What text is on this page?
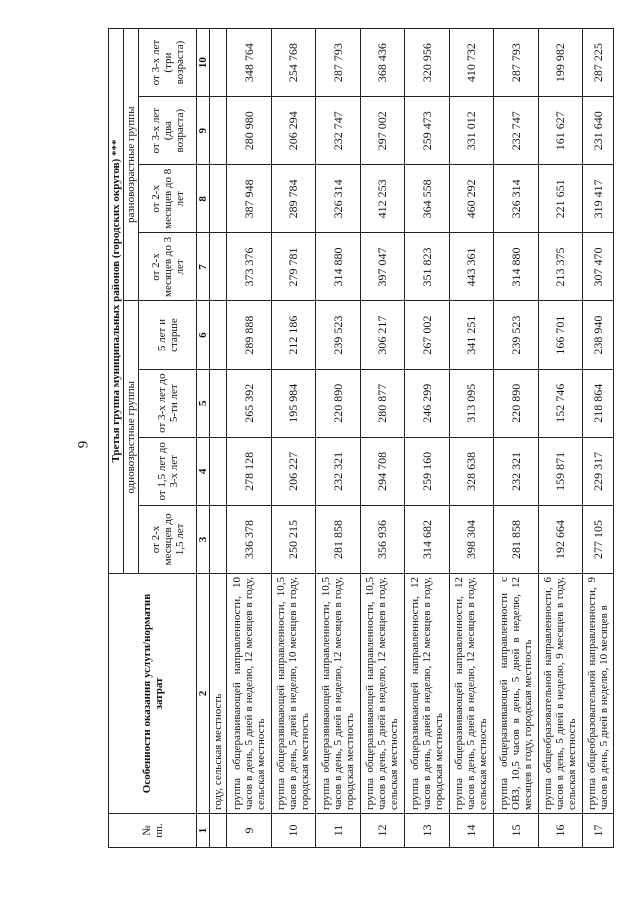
9
№ пп.	Особенности оказания услуги/норматив затрат	Третья группа муниципальных районов (городских округов) ***							
		одновозрастные группы				разновозрастные группы			
		от 2-х месяцев до 1,5 лет	от 1,5 лет до 3-х лет	от 3-х лет до 5-ти лет	5 лет и старше	от 2-х месяцев до 3 лет	от 2-х месяцев до 8 лет	от 3-х лет (два возраста)	от 3-х лет (три возраста)
1	2	3	4	5	6	7	8	9	10
	году, сельская местность								
9	группа общеразвивающей направленности, 10 часов в день, 5 дней в неделю, 12 месяцев в году, сельская местность	336 378	278 128	265 392	289 888	373 376	387 948	280 980	348 764
10	группа общеразвивающей направленности, 10,5 часов в день, 5 дней в неделю, 10 месяцев в году, городская местность	250 215	206 227	195 984	212 186	279 781	289 784	206 294	254 768
11	группа общеразвивающей направленности, 10,5 часов в день, 5 дней в неделю, 12 месяцев в году, городская местность	281 858	232 321	220 890	239 523	314 880	326 314	232 747	287 793
12	группа общеразвивающей направленности, 10,5 часов в день, 5 дней в неделю, 12 месяцев в году, сельская местность	356 936	294 708	280 877	306 217	397 047	412 253	297 002	368 436
13	группа общеразвивающей направленности, 12 часов в день, 5 дней в неделю, 12 месяцев в году, городская местность	314 682	259 160	246 299	267 002	351 823	364 558	259 473	320 956
14	группа общеразвивающей направленности, 12 часов в день, 5 дней в неделю, 12 месяцев в году, сельская местность	398 304	328 638	313 095	341 251	443 361	460 292	331 012	410 732
15	группа общеразвивающей направленности с ОВЗ, 10,5 часов в день, 5 дней в неделю, 12 месяцев в году, городская местность	281 858	232 321	220 890	239 523	314 880	326 314	232 747	287 793
16	группа общеобразовательной направленности, 6 часов в день, 5 дней в неделю, 9 месяцев в году, сельская местность	192 664	159 871	152 746	166 701	213 375	221 651	161 627	199 982
17	группа общеобразовательной направленности, 9 часов в день, 5 дней в неделю, 10 месяцев в	277 105	229 317	218 864	238 940	307 470	319 417	231 640	287 225
